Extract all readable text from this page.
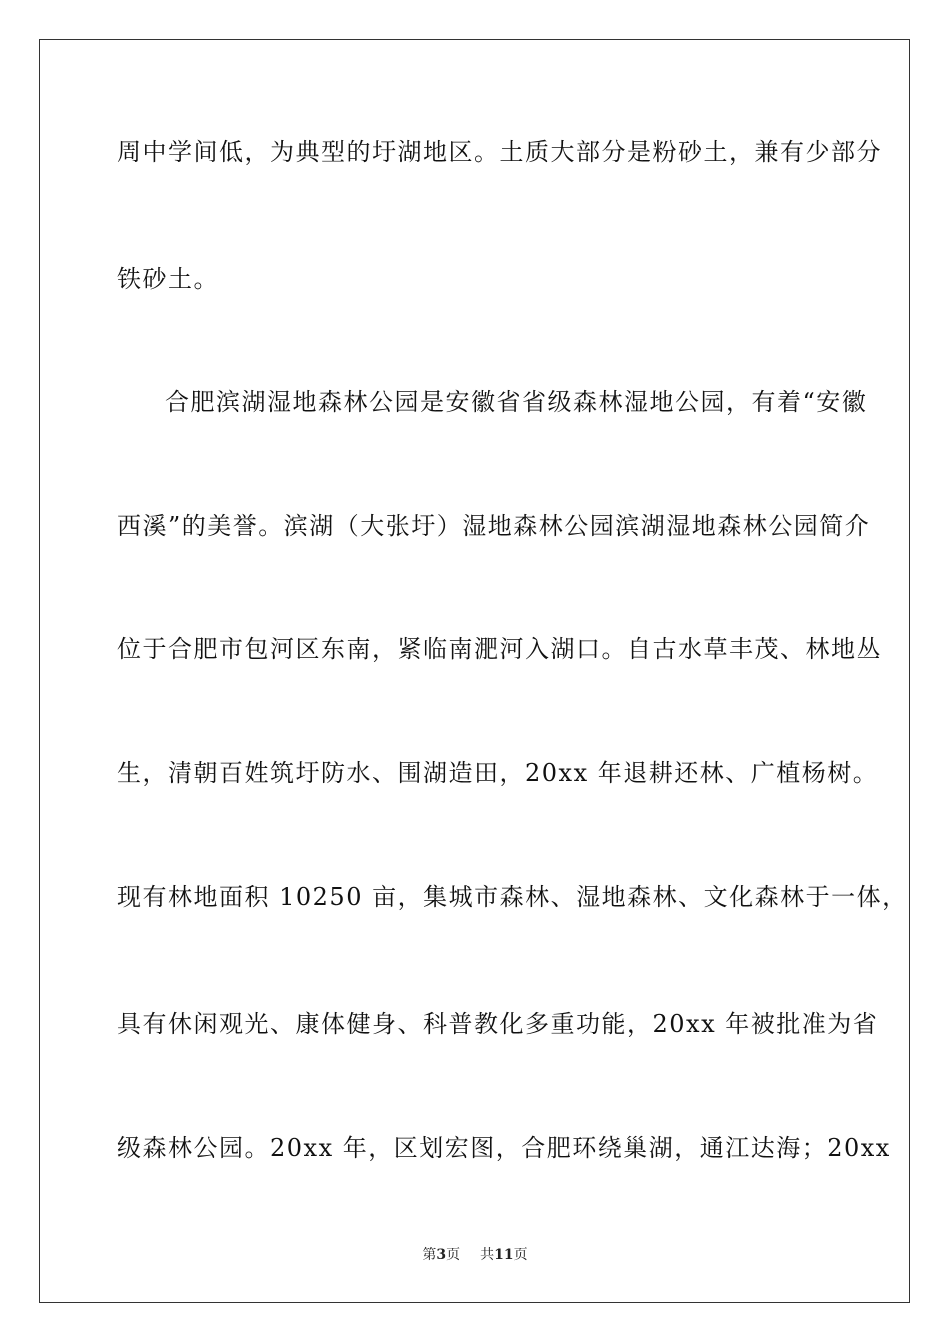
周中学间低，为典型的圩湖地区。土质大部分是粉砂土，兼有少部分
铁砂土。
合肥滨湖湿地森林公园是安徽省省级森林湿地公园，有着“安徽
西溪”的美誉。滨湖（大张圩）湿地森林公园滨湖湿地森林公园简介
位于合肥市包河区东南，紧临南淝河入湖口。自古水草丰茂、林地丛
生，清朝百姓筑圩防水、围湖造田，20xx 年退耕还林、广植杨树。
现有林地面积 10250 亩，集城市森林、湿地森林、文化森林于一体，
具有休闲观光、康体健身、科普教化多重功能，20xx 年被批准为省
级森林公园。20xx 年，区划宏图，合肥环绕巢湖，通江达海；20xx
第3页 共11页
